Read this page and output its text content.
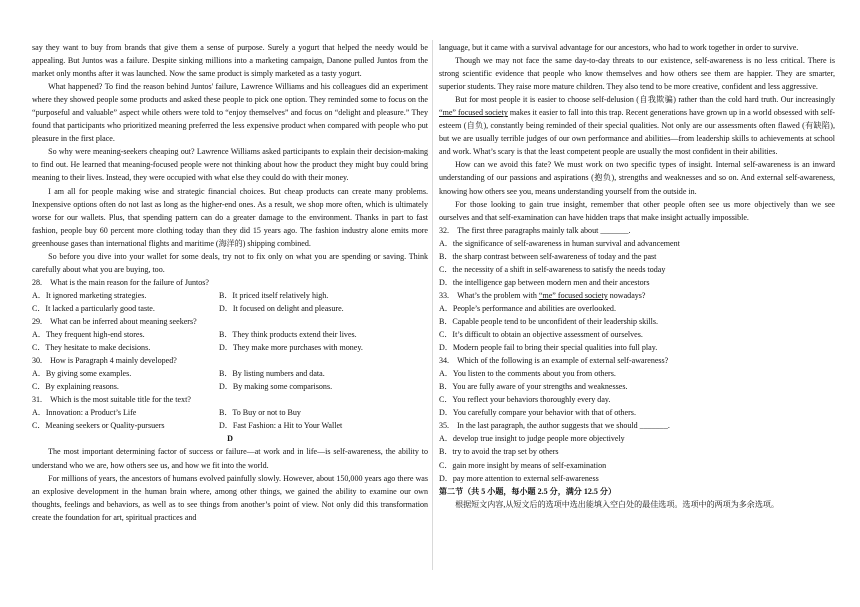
say they want to buy from brands that give them a sense of purpose. Surely a yogurt that helped the needy would be appealing. But Juntos was a failure. Despite sinking millions into a marketing campaign, Danone pulled Juntos from the market only months after it was launched. Now the same product is simply marketed as a tasty yogurt.

What happened? To find the reason behind Juntos' failure, Lawrence Williams and his colleagues did an experiment where they showed people some products and asked these people to pick one option. They reminded some to focus on the “purposeful and valuable” aspect while others were told to “enjoy themselves” and focus on “delight and pleasure.” They found that participants who prioritized meaning preferred the less expensive product when compared with people who put pleasure in the first place.

So why were meaning-seekers cheaping out? Lawrence Williams asked participants to explain their decision-making to find out. He learned that meaning-focused people were not thinking about how the product they might buy could bring meaning to their lives. Instead, they were occupied with what else they could do with their money.

I am all for people making wise and strategic financial choices. But cheap products can create many problems. Inexpensive options often do not last as long as the higher-end ones. As a result, we shop more often, which is ultimately worse for our wallets. Plus, that spending pattern can do a greater damage to the environment. Thanks in part to fast fashion, people buy 60 percent more clothing today than they did 15 years ago. The fashion industry alone emits more greenhouse gases than international flights and maritime (海洋的) shipping combined.

So before you dive into your wallet for some deals, try not to fix only on what you are spending or saving. Think carefully about what you are buying, too.

28.　What is the main reason for the failure of Juntos?

A．It ignored marketing strategies.	B．It priced itself relatively high.
C．It lacked a particularly good taste.	D．It focused on delight and pleasure.

29.　What can be inferred about meaning seekers?

A．They frequent high-end stores.	B．They think products extend their lives.
C．They hesitate to make decisions.	D．They make more purchases with money.

30.　How is Paragraph 4 mainly developed?

A．By giving some examples.	B．By listing numbers and data.
C．By explaining reasons.	D．By making some comparisons.

31.　Which is the most suitable title for the text?

A．Innovation: a Product’s Life	B．To Buy or not to Buy
C．Meaning seekers or Quality-pursuers	D．Fast Fashion: a Hit to Your Wallet

D

The most important determining factor of success or failure—at work and in life—is self-awareness, the ability to understand who we are, how others see us, and how we fit into the world.

For millions of years, the ancestors of humans evolved painfully slowly. However, about 150,000 years ago there was an explosive development in the human brain where, among other things, we gained the ability to examine our own thoughts, feelings and behaviors, as well as to see things from another’s point of view. Not only did this transformation create the foundation for art, spiritual practices and

language, but it came with a survival advantage for our ancestors, who had to work together in order to survive.

Though we may not face the same day-to-day threats to our existence, self-awareness is no less critical. There is strong scientific evidence that people who know themselves and how others see them are happier. They are smarter, superior students. They raise more mature children. They also tend to be more creative, confident and less aggressive.

But for most people it is easier to choose self-delusion (自我欺骗) rather than the cold hard truth. Our increasingly “me” focused society makes it easier to fall into this trap. Recent generations have grown up in a world obsessed with self-esteem (自负), constantly being reminded of their special qualities. Not only are our assessments often flawed (有缺陷), but we are usually terrible judges of our own performance and abilities—from leadership skills to achievements at school and work. What’s scary is that the least competent people are usually the most confident in their abilities.

How can we avoid this fate? We must work on two specific types of insight. Internal self-awareness is an inward understanding of our passions and aspirations (抱负), strengths and weaknesses and so on. And external self-awareness, knowing how others see you, means understanding yourself from the outside in.

For those looking to gain true insight, remember that other people often see us more objectively than we see ourselves and that self-examination can have hidden traps that make insight actually impossible.

32.　The first three paragraphs mainly talk about _______.

A．the significance of self-awareness in human survival and advancement

B．the sharp contrast between self-awareness of today and the past

C．the necessity of a shift in self-awareness to satisfy the needs today

D．the intelligence gap between modern men and their ancestors

33.　What’s the problem with “me” focused society nowadays?

A．People’s performance and abilities are overlooked.

B．Capable people tend to be unconfident of their leadership skills.

C．It’s difficult to obtain an objective assessment of ourselves.

D．Modern people fail to bring their special qualities into full play.

34.　Which of the following is an example of external self-awareness?

A．You listen to the comments about you from others.

B．You are fully aware of your strengths and weaknesses.

C．You reflect your behaviors thoroughly every day.

D．You carefully compare your behavior with that of others.

35.　In the last paragraph, the author suggests that we should _______.

A．develop true insight to judge people more objectively

B．try to avoid the trap set by others

C．gain more insight by means of self-examination

D．pay more attention to external self-awareness

第二节（共 5 小题，每小题 2.5 分，满分 12.5 分）

根据短文内容,从短文后的选项中选出能填入空白处的最佳选项。选项中的两项为多余选项。
